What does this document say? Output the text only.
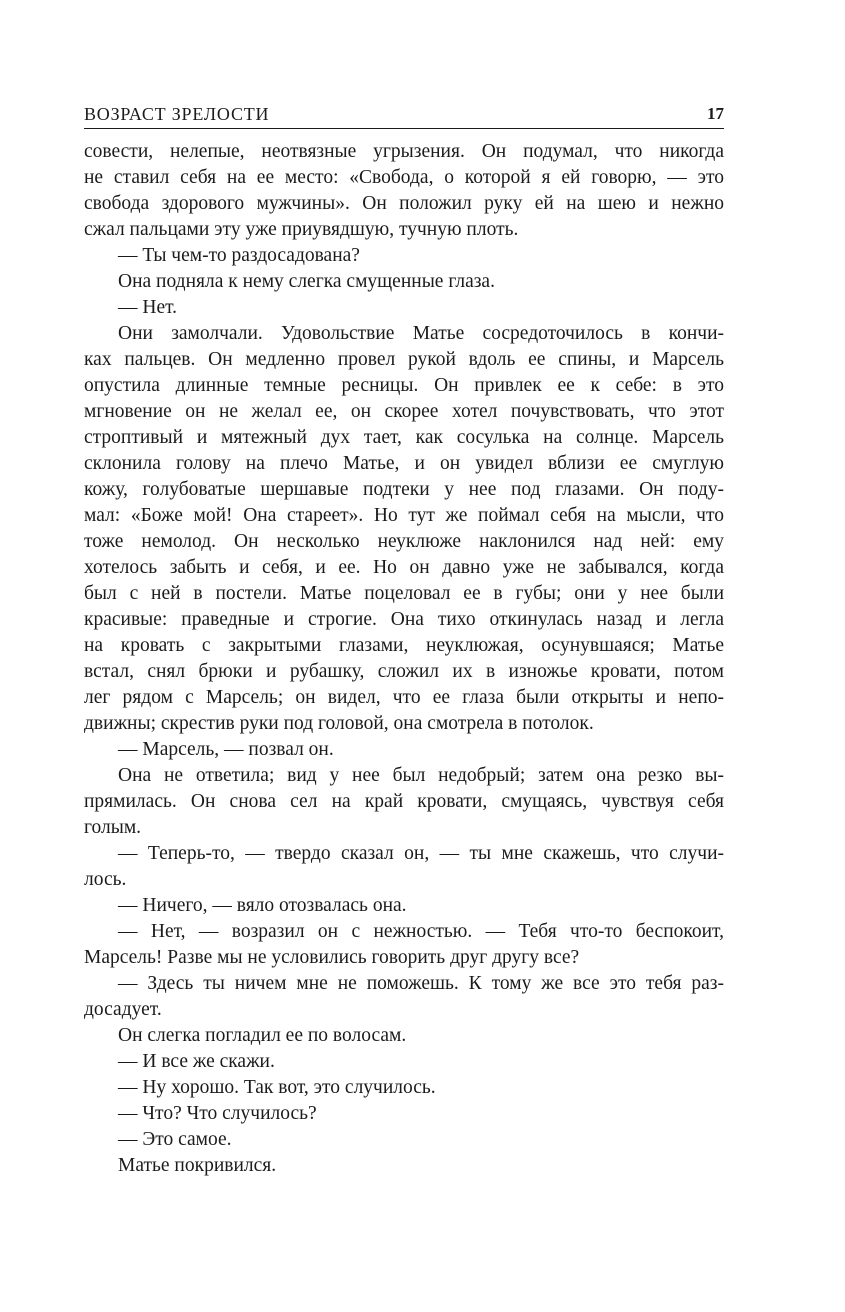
ВОЗРАСТ ЗРЕЛОСТИ	17
совести, нелепые, неотвязные угрызения. Он подумал, что никогда
не ставил себя на ее место: «Свобода, о которой я ей говорю, — это
свобода здорового мужчины». Он положил руку ей на шею и нежно
сжал пальцами эту уже приувядшую, тучную плоть.
— Ты чем-то раздосадована?
Она подняла к нему слегка смущенные глаза.
— Нет.
Они замолчали. Удовольствие Матье сосредоточилось в кончи-
ках пальцев. Он медленно провел рукой вдоль ее спины, и Марсель
опустила длинные темные ресницы. Он привлек ее к себе: в это
мгновение он не желал ее, он скорее хотел почувствовать, что этот
строптивый и мятежный дух тает, как сосулька на солнце. Марсель
склонила голову на плечо Матье, и он увидел вблизи ее смуглую
кожу, голубоватые шершавые подтеки у нее под глазами. Он поду-
мал: «Боже мой! Она стареет». Но тут же поймал себя на мысли, что
тоже немолод. Он несколько неуклюже наклонился над ней: ему
хотелось забыть и себя, и ее. Но он давно уже не забывался, когда
был с ней в постели. Матье поцеловал ее в губы; они у нее были
красивые: праведные и строгие. Она тихо откинулась назад и легла
на кровать с закрытыми глазами, неуклюжая, осунувшаяся; Матье
встал, снял брюки и рубашку, сложил их в изножье кровати, потом
лег рядом с Марсель; он видел, что ее глаза были открыты и непо-
движны; скрестив руки под головой, она смотрела в потолок.
— Марсель, — позвал он.
Она не ответила; вид у нее был недобрый; затем она резко вы-
прямилась. Он снова сел на край кровати, смущаясь, чувствуя себя
голым.
— Теперь-то, — твердо сказал он, — ты мне скажешь, что случи-
лось.
— Ничего, — вяло отозвалась она.
— Нет, — возразил он с нежностью. — Тебя что-то беспокоит,
Марсель! Разве мы не условились говорить друг другу все?
— Здесь ты ничем мне не поможешь. К тому же все это тебя раз-
досадует.
Он слегка погладил ее по волосам.
— И все же скажи.
— Ну хорошо. Так вот, это случилось.
— Что? Что случилось?
— Это самое.
Матье покривился.
